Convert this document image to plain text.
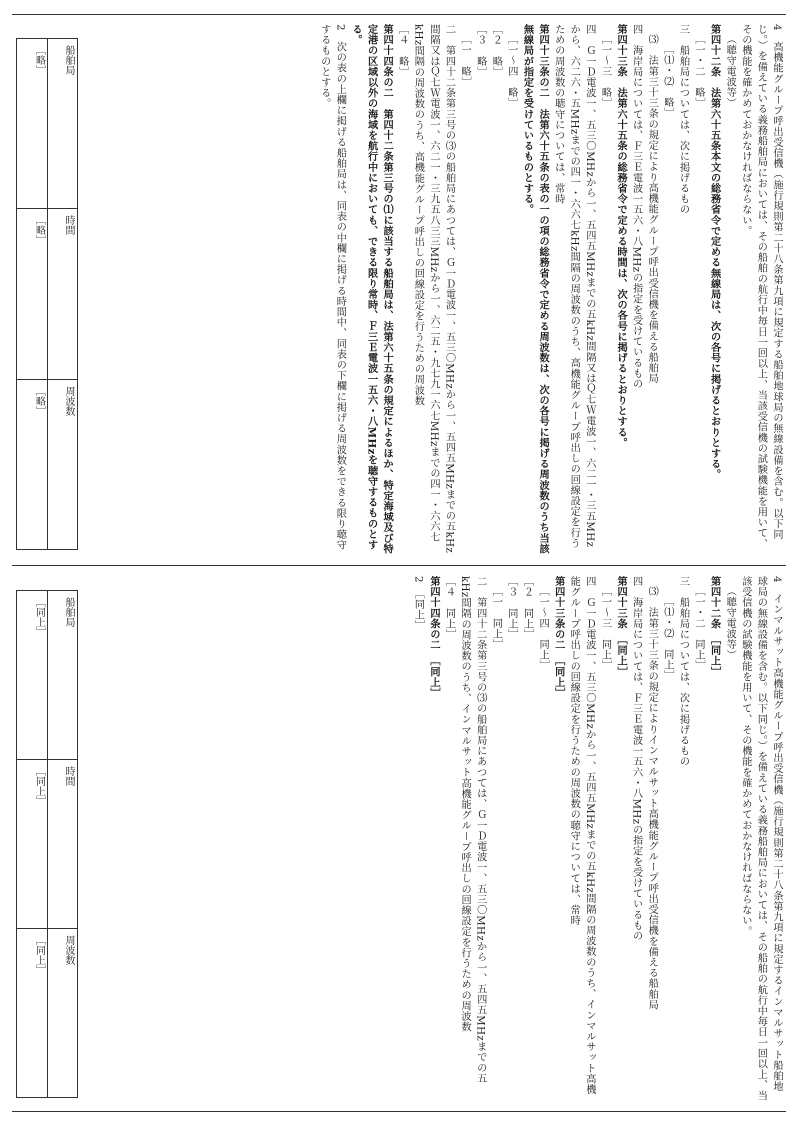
4　高機能グループ呼出受信機（施行規則第二十八条第九項に規定する船舶地球局の無線設備を含む。以下同じ。）を備えている義務船舶局においては、その船舶の航行中毎日一回以上、当該受信機の試験機能を用いて、その機能を確かめておかなければならない。

（聴守電波等）

第四十二条　法第六十五条本文の総務省令で定める無線局は、次の各号に掲げるとおりとする。

［一・二　略］

三　船舶局については、次に掲げるもの

［⑴・⑵　略］

⑶　法第三十三条の規定により高機能グループ呼出受信機を備える船舶局

四　海岸局については、Ｆ三Ｅ電波一五六・八MHzの指定を受けているもの

第四十三条　法第六十五条の総務省令で定める時間は、次の各号に掲げるとおりとする。

［一～三　略］

四　Ｇ一Ｄ電波一、五三〇MHzから一、五四五MHzまでの五kHz間隔又はＱ七Ｗ電波一、六二一・三五MHzから、六二六・五MHzまでの四一・六六七kHz間隔の周波数のうち、高機能グループ呼出しの回線設定を行うための周波数の聴守については、常時

第四十三条の二　法第六十五条の表の一の項の総務省令で定める周波数は、次の各号に掲げる周波数のうち当該無線局が指定を受けているものとする。

［一～四　略］

［２　略］

［３　略］

［一　略］

二　第四十二条第三号の⑶の船舶局にあつては、Ｇ一Ｄ電波一、五三〇MHzから一、五四五MHzまでの五kHz間隔又はＱ七Ｗ電波一、六二一・三九五八三三MHzから一、六二五・九七九一六七MHzまでの四一・六六七kHz間隔の周波数のうち、高機能グループ呼出しの回線設定を行うための周波数

［４　略］

第四十四条の二　第四十二条第三号の⑴に該当する船舶局は、法第六十五条の規定によるほか、特定海域及び特定港の区域以外の海域を航行中においても、できる限り常時、Ｆ三Ｅ電波一五六・八MHzを聴守するものとする。

2　次の表の上欄に掲げる船舶局は、同表の中欄に掲げる時間中、同表の下欄に掲げる周波数をできる限り聴守するものとする。

［略］	船舶局
［略］	時間
［略］	周波数

4　インマルサット高機能グループ呼出受信機（施行規則第二十八条第九項に規定するインマルサット船舶地球局の無線設備を含む。以下同じ。）を備えている義務船舶局においては、その船舶の航行中毎日一回以上、当該受信機の試験機能を用いて、その機能を確かめておかなければならない。

（聴守電波等）

第四十二条　［同上］

［一・二　同上］

三　船舶局については、次に掲げるもの

［⑴・⑵　同上］

⑶　法第三十三条の規定によりインマルサット高機能グループ呼出受信機を備える船舶局

四　海岸局については、Ｆ三Ｅ電波一五六・八MHzの指定を受けているもの

第四十三条　［同上］

［一～三　同上］

四　Ｇ一Ｄ電波一、五三〇MHzから一、五四五MHzまでの五kHz間隔の周波数のうち、インマルサット高機能グループ呼出しの回線設定を行うための周波数の聴守については、常時

第四十三条の二　［同上］

［一～四　同上］

［２　同上］

［３　同上］

［一　同上］

二　第四十二条第三号の⑶の船舶局にあつては、Ｇ一Ｄ電波一、五三〇MHzから一、五四五MHzまでの五kHz間隔の周波数のうち、インマルサット高機能グループ呼出しの回線設定を行うための周波数

［４　同上］

第四十四条の二　［同上］

2　［同上］

［同上］	船舶局
［同上］	時間
［同上］	周波数
